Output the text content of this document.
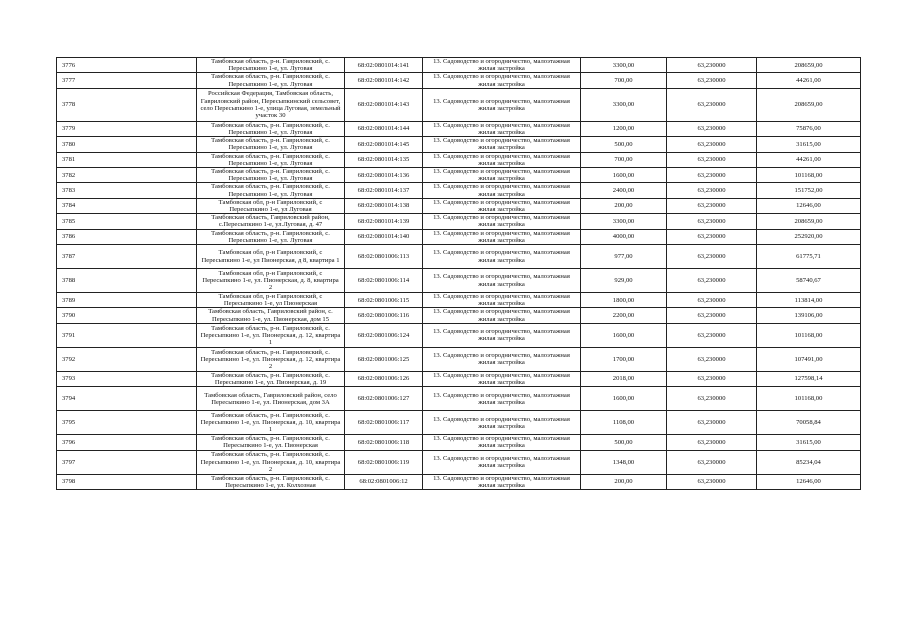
3776	Тамбовская область, р-н. Гавриловский, с. Пересыпкино 1-е, ул. Луговая	68:02:0801014:141	13. Садоводство и огородничество, малоэтажная жилая застройка	3300,00	63,230000	208659,00
3777	Тамбовская область, р-н. Гавриловский, с. Пересыпкино 1-е, ул. Луговая	68:02:0801014:142	13. Садоводство и огородничество, малоэтажная жилая застройка	700,00	63,230000	44261,00
3778	Российская Федерация, Тамбовская область, Гавриловский район, Пересыпкинский сельсовет, село Пересыпкино 1-е, улица Луговая, земельный участок 30	68:02:0801014:143	13. Садоводство и огородничество, малоэтажная жилая застройка	3300,00	63,230000	208659,00
3779	Тамбовская область, р-н. Гавриловский, с. Пересыпкино 1-е, ул. Луговая	68:02:0801014:144	13. Садоводство и огородничество, малоэтажная жилая застройка	1200,00	63,230000	75876,00
3780	Тамбовская область, р-н. Гавриловский, с. Пересыпкино 1-е, ул. Луговая	68:02:0801014:145	13. Садоводство и огородничество, малоэтажная жилая застройка	500,00	63,230000	31615,00
3781	Тамбовская область, р-н. Гавриловский, с. Пересыпкино 1-е, ул. Луговая	68:02:0801014:135	13. Садоводство и огородничество, малоэтажная жилая застройка	700,00	63,230000	44261,00
3782	Тамбовская область, р-н. Гавриловский, с. Пересыпкино 1-е, ул. Луговая	68:02:0801014:136	13. Садоводство и огородничество, малоэтажная жилая застройка	1600,00	63,230000	101168,00
3783	Тамбовская область, р-н. Гавриловский, с. Пересыпкино 1-е, ул. Луговая	68:02:0801014:137	13. Садоводство и огородничество, малоэтажная жилая застройка	2400,00	63,230000	151752,00
3784	Тамбовская обл, р-н Гавриловский, с Пересыпкино 1-е, ул Луговая	68:02:0801014:138	13. Садоводство и огородничество, малоэтажная жилая застройка	200,00	63,230000	12646,00
3785	Тамбовская область, Гавриловский район, с.Пересыпкино 1-е, ул.Луговая, д. 47	68:02:0801014:139	13. Садоводство и огородничество, малоэтажная жилая застройка	3300,00	63,230000	208659,00
3786	Тамбовская область, р-н. Гавриловский, с. Пересыпкино 1-е, ул. Луговая	68:02:0801014:140	13. Садоводство и огородничество, малоэтажная жилая застройка	4000,00	63,230000	252920,00
3787	Тамбовская обл, р-н Гавриловский, с Пересыпкино 1-е, ул Пионерская, д 8, квартира 1	68:02:0801006:113	13. Садоводство и огородничество, малоэтажная жилая застройка	977,00	63,230000	61775,71
3788	Тамбовская обл, р-н Гавриловский, с Пересыпкино 1-е, ул. Пионерская, д. 8, квартира 2	68:02:0801006:114	13. Садоводство и огородничество, малоэтажная жилая застройка	929,00	63,230000	58740,67
3789	Тамбовская обл, р-н Гавриловский, с Пересыпкино 1-е, ул Пионерская	68:02:0801006:115	13. Садоводство и огородничество, малоэтажная жилая застройка	1800,00	63,230000	113814,00
3790	Тамбовская область, Гавриловский район, с. Пересыпкино 1-е, ул. Пионерская, дом 15	68:02:0801006:116	13. Садоводство и огородничество, малоэтажная жилая застройка	2200,00	63,230000	139106,00
3791	Тамбовская область, р-н. Гавриловский, с. Пересыпкино 1-е, ул. Пионерская, д. 12, квартира 1	68:02:0801006:124	13. Садоводство и огородничество, малоэтажная жилая застройка	1600,00	63,230000	101168,00
3792	Тамбовская область, р-н. Гавриловский, с. Пересыпкино 1-е, ул. Пионерская, д. 12, квартира 2	68:02:0801006:125	13. Садоводство и огородничество, малоэтажная жилая застройка	1700,00	63,230000	107491,00
3793	Тамбовская область, р-н. Гавриловский, с. Пересыпкино 1-е, ул. Пионерская, д. 19	68:02:0801006:126	13. Садоводство и огородничество, малоэтажная жилая застройка	2018,00	63,230000	127598,14
3794	Тамбовская область, Гавриловский район, село Пересыпкино 1-е, ул. Пионерская, дом 3А	68:02:0801006:127	13. Садоводство и огородничество, малоэтажная жилая застройка	1600,00	63,230000	101168,00
3795	Тамбовская область, р-н. Гавриловский, с. Пересыпкино 1-е, ул. Пионерская, д. 10, квартира 1	68:02:0801006:117	13. Садоводство и огородничество, малоэтажная жилая застройка	1108,00	63,230000	70058,84
3796	Тамбовская область, р-н. Гавриловский, с. Пересыпкино 1-е, ул. Пионерская	68:02:0801006:118	13. Садоводство и огородничество, малоэтажная жилая застройка	500,00	63,230000	31615,00
3797	Тамбовская область, р-н. Гавриловский, с. Пересыпкино 1-е, ул. Пионерская, д. 10, квартира 2	68:02:0801006:119	13. Садоводство и огородничество, малоэтажная жилая застройка	1348,00	63,230000	85234,04
3798	Тамбовская область, р-н. Гавриловский, с. Пересыпкино 1-е, ул. Колхозная	68:02:0801006:12	13. Садоводство и огородничество, малоэтажная жилая застройка	200,00	63,230000	12646,00
